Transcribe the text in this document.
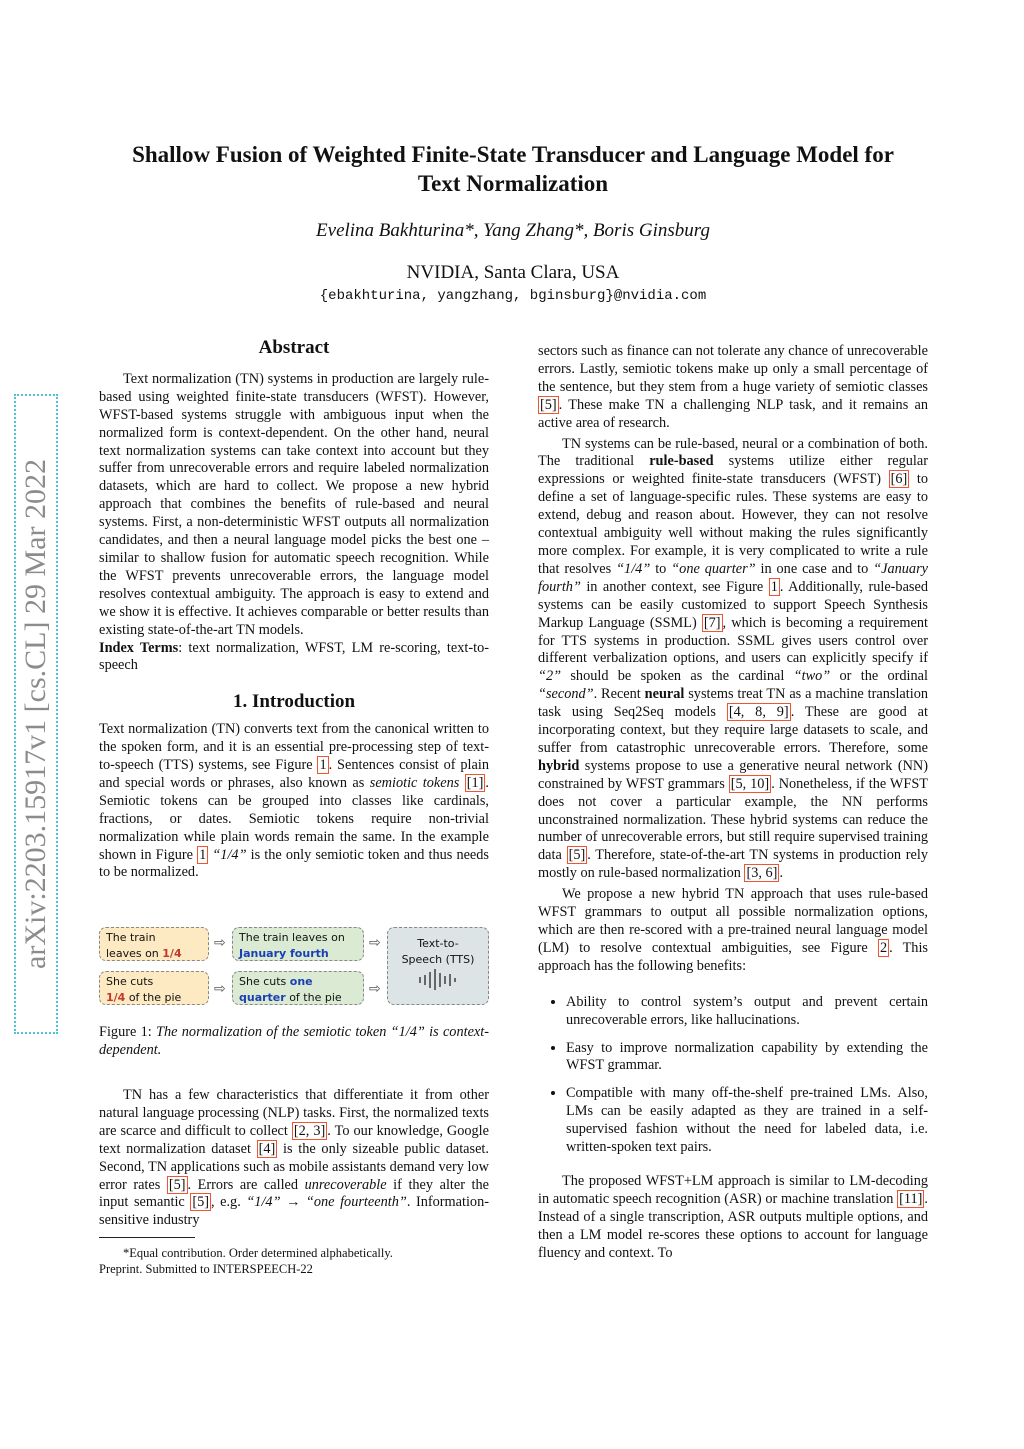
arXiv:2203.15917v1 [cs.CL] 29 Mar 2022
Shallow Fusion of Weighted Finite-State Transducer and Language Model for
Text Normalization
Evelina Bakhturina*, Yang Zhang*, Boris Ginsburg
NVIDIA, Santa Clara, USA
{ebakhturina, yangzhang, bginsburg}@nvidia.com
Abstract

Text normalization (TN) systems in production are largely rule-based using weighted finite-state transducers (WFST). However, WFST-based systems struggle with ambiguous input when the normalized form is context-dependent. On the other hand, neural text normalization systems can take context into account but they suffer from unrecoverable errors and require labeled normalization datasets, which are hard to collect. We propose a new hybrid approach that combines the benefits of rule-based and neural systems. First, a non-deterministic WFST outputs all normalization candidates, and then a neural language model picks the best one – similar to shallow fusion for automatic speech recognition. While the WFST prevents unrecoverable errors, the language model resolves contextual ambiguity. The approach is easy to extend and we show it is effective. It achieves comparable or better results than existing state-of-the-art TN models.

Index Terms: text normalization, WFST, LM re-scoring, text-to-speech

1. Introduction

Text normalization (TN) converts text from the canonical written to the spoken form, and it is an essential pre-processing step of text-to-speech (TTS) systems, see Figure 1 . Sentences consist of plain and special words or phrases, also known as semiotic tokens [1] . Semiotic tokens can be grouped into classes like cardinals, fractions, or dates. Semiotic tokens require non-trivial normalization while plain words remain the same. In the example shown in Figure 1 “1/4” is the only semiotic token and thus needs to be normalized.

The train
leaves on 1/4
She cuts
1/4 of the pie
⇨
⇨
The train leaves on
January fourth
She cuts one
quarter of the pie
⇨
⇨
Text-to-
Speech (TTS)
Figure 1: The normalization of the semiotic token “1/4” is context-dependent.

TN has a few characteristics that differentiate it from other natural language processing (NLP) tasks. First, the normalized texts are scarce and difficult to collect [2, 3] . To our knowledge, Google text normalization dataset [4] is the only sizeable public dataset. Second, TN applications such as mobile assistants demand very low error rates [5] . Errors are called unrecoverable if they alter the input semantic [5] , e.g. “1/4” → “one fourteenth”. Information-sensitive industry

*Equal contribution. Order determined alphabetically.
Preprint. Submitted to INTERSPEECH-22

sectors such as finance can not tolerate any chance of unrecoverable errors. Lastly, semiotic tokens make up only a small percentage of the sentence, but they stem from a huge variety of semiotic classes [5] . These make TN a challenging NLP task, and it remains an active area of research.

TN systems can be rule-based, neural or a combination of both. The traditional rule-based systems utilize either regular expressions or weighted finite-state transducers (WFST) [6] to define a set of language-specific rules. These systems are easy to extend, debug and reason about. However, they can not resolve contextual ambiguity well without making the rules significantly more complex. For example, it is very complicated to write a rule that resolves “1/4” to “one quarter” in one case and to “January fourth” in another context, see Figure 1 . Additionally, rule-based systems can be easily customized to support Speech Synthesis Markup Language (SSML) [7] , which is becoming a requirement for TTS systems in production. SSML gives users control over different verbalization options, and users can explicitly specify if “2” should be spoken as the cardinal “two” or the ordinal “second”. Recent neural systems treat TN as a machine translation task using Seq2Seq models [4, 8, 9] . These are good at incorporating context, but they require large datasets to scale, and suffer from catastrophic unrecoverable errors. Therefore, some hybrid systems propose to use a generative neural network (NN) constrained by WFST grammars [5, 10] . Nonetheless, if the WFST does not cover a particular example, the NN performs unconstrained normalization. These hybrid systems can reduce the number of unrecoverable errors, but still require supervised training data [5] . Therefore, state-of-the-art TN systems in production rely mostly on rule-based normalization [3, 6] .

We propose a new hybrid TN approach that uses rule-based WFST grammars to output all possible normalization options, which are then re-scored with a pre-trained neural language model (LM) to resolve contextual ambiguities, see Figure 2 . This approach has the following benefits:

• Ability to control system’s output and prevent certain unrecoverable errors, like hallucinations.
• Easy to improve normalization capability by extending the WFST grammar.
• Compatible with many off-the-shelf pre-trained LMs. Also, LMs can be easily adapted as they are trained in a self-supervised fashion without the need for labeled data, i.e. written-spoken text pairs.

The proposed WFST+LM approach is similar to LM-decoding in automatic speech recognition (ASR) or machine translation [11] . Instead of a single transcription, ASR outputs multiple options, and then a LM model re-scores these options to account for language fluency and context. To
